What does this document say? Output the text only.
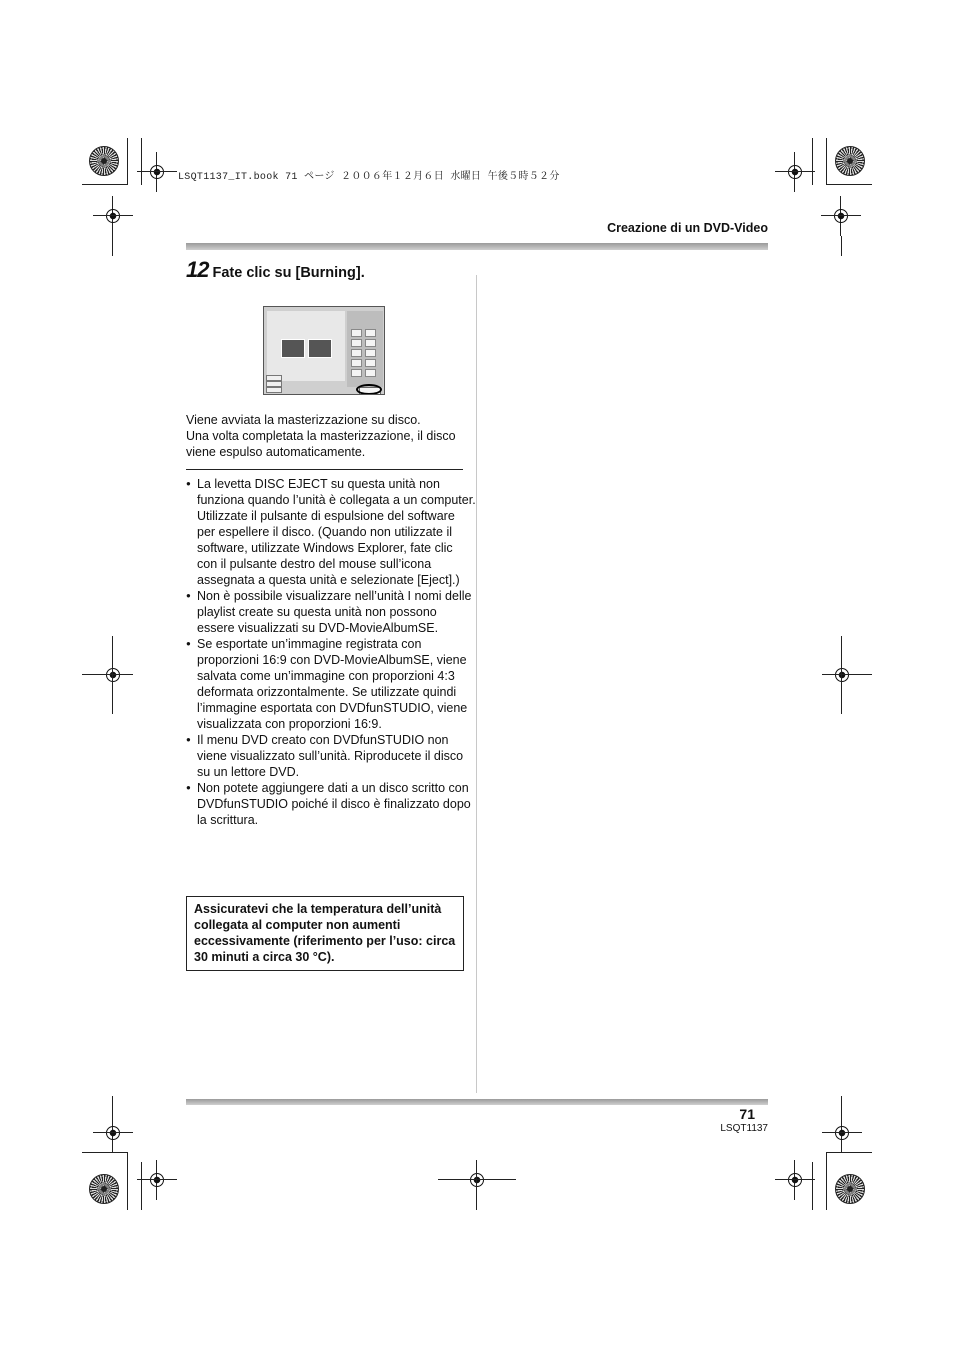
LSQT1137_IT.book 71 ページ ２００６年１２月６日 水曜日 午後５時５２分
Creazione di un DVD-Video
12 Fate clic su [Burning].

Viene avviata la masterizzazione su disco.
Una volta completata la masterizzazione, il disco
viene espulso automaticamente.

● La levetta DISC EJECT su questa unità non funziona quando l’unità è collegata a un computer. Utilizzate il pulsante di espulsione del software per espellere il disco. (Quando non utilizzate il software, utilizzate Windows Explorer, fate clic con il pulsante destro del mouse sull’icona assegnata a questa unità e selezionate [Eject].)
● Non è possibile visualizzare nell’unità I nomi delle playlist create su questa unità non possono essere visualizzati su DVD-MovieAlbumSE.
● Se esportate un’immagine registrata con proporzioni 16:9 con DVD-MovieAlbumSE, viene salvata come un’immagine con proporzioni 4:3 deformata orizzontalmente. Se utilizzate quindi l’immagine esportata con DVDfunSTUDIO, viene visualizzata con proporzioni 16:9.
● Il menu DVD creato con DVDfunSTUDIO non viene visualizzato sull’unità. Riproducete il disco su un lettore DVD.
● Non potete aggiungere dati a un disco scritto con DVDfunSTUDIO poiché il disco è finalizzato dopo la scrittura.
Assicuratevi che la temperatura dell’unità collegata al computer non aumenti eccessivamente (riferimento per l’uso: circa 30 minuti a circa 30 °C).
71
LSQT1137
